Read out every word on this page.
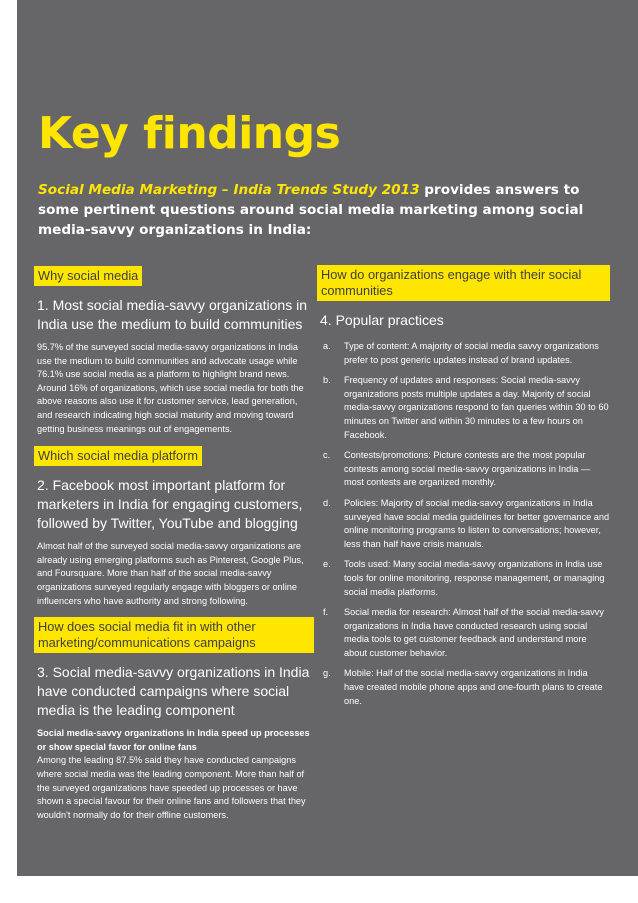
Key findings

Social Media Marketing – India Trends Study 2013 provides answers to some pertinent questions around social media marketing among social media-savvy organizations in India:

Why social media
1. Most social media-savvy organizations in India use the medium to build communities
95.7% of the surveyed social media-savvy organizations in India use the medium to build communities and advocate usage while 76.1% use social media as a platform to highlight brand news. Around 16% of organizations, which use social media for both the above reasons also use it for customer service, lead generation, and research indicating high social maturity and moving toward getting business meanings out of engagements.
Which social media platform
2. Facebook most important platform for marketers in India for engaging customers, followed by Twitter, YouTube and blogging
Almost half of the surveyed social media-savvy organizations are already using emerging platforms such as Pinterest, Google Plus, and Foursquare. More than half of the social media-savvy organizations surveyed regularly engage with bloggers or online influencers who have authority and strong following.
How does social media fit in with other marketing/communications campaigns
3. Social media-savvy organizations in India have conducted campaigns where social media is the leading component
Social media-savvy organizations in India speed up processes or show special favor for online fans
Among the leading 87.5% said they have conducted campaigns where social media was the leading component. More than half of the surveyed organizations have speeded up processes or have shown a special favour for their online fans and followers that they wouldn't normally do for their offline customers.
How do organizations engage with their social communities
4. Popular practices
a. Type of content: A majority of social media savvy organizations prefer to post generic updates instead of brand updates.
b. Frequency of updates and responses: Social media-savvy organizations posts multiple updates a day. Majority of social media-savvy organizations respond to fan queries within 30 to 60 minutes on Twitter and within 30 minutes to a few hours on Facebook.
c. Contests/promotions: Picture contests are the most popular contests among social media-savvy organizations in India — most contests are organized monthly.
d. Policies: Majority of social media-savvy organizations in India surveyed have social media guidelines for better governance and online monitoring programs to listen to conversations; however, less than half have crisis manuals.
e. Tools used: Many social media-savvy organizations in India use tools for online monitoring, response management, or managing social media platforms.
f. Social media for research: Almost half of the social media-savvy organizations in India have conducted research using social media tools to get customer feedback and understand more about customer behavior.
g. Mobile: Half of the social media-savvy organizations in India have created mobile phone apps and one-fourth plans to create one.
